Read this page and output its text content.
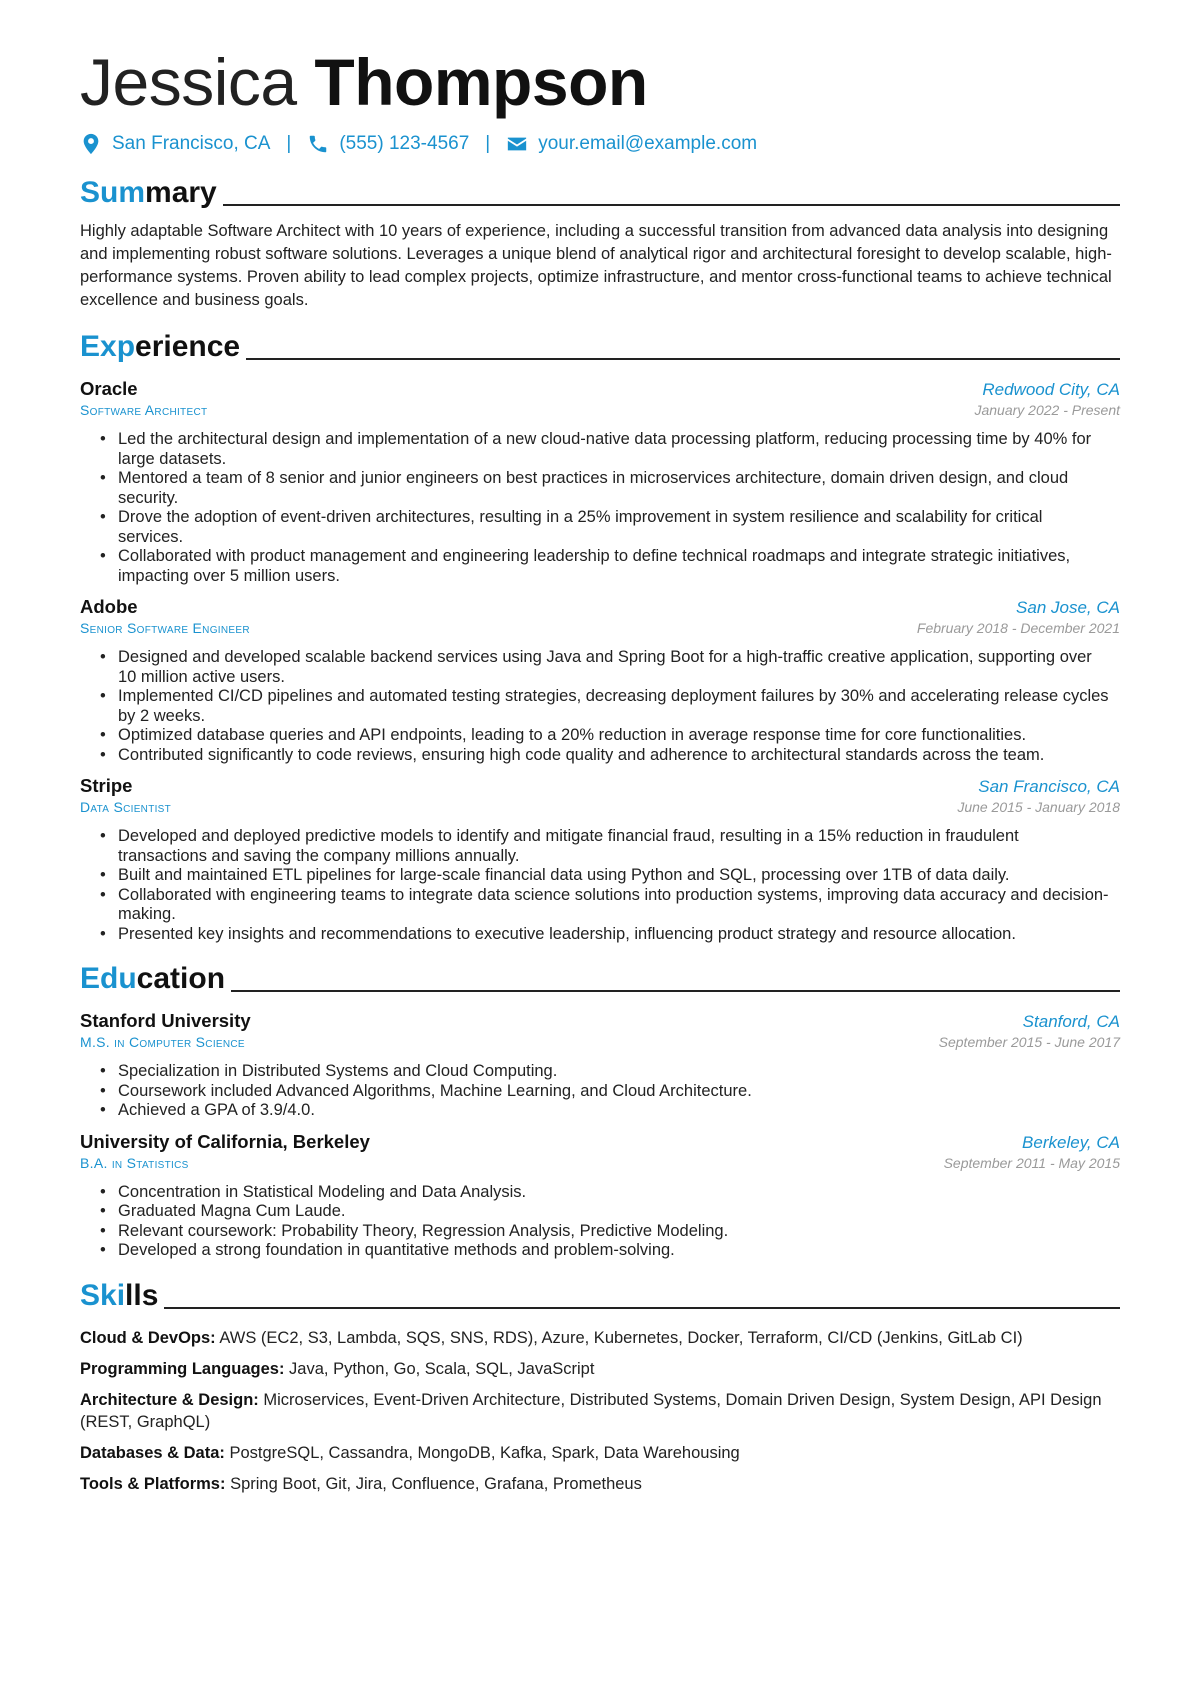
Jessica Thompson
San Francisco, CA |	(555) 123-4567 |	your.email@example.com
Summary
Highly adaptable Software Architect with 10 years of experience, including a successful transition from advanced data analysis into designing and implementing robust software solutions. Leverages a unique blend of analytical rigor and architectural foresight to develop scalable, high-performance systems. Proven ability to lead complex projects, optimize infrastructure, and mentor cross-functional teams to achieve technical excellence and business goals.
Experience
Oracle	Redwood City, CA
Software Architect	January 2022 - Present
• Led the architectural design and implementation of a new cloud-native data processing platform, reducing processing time by 40% for large datasets.
• Mentored a team of 8 senior and junior engineers on best practices in microservices architecture, domain driven design, and cloud security.
• Drove the adoption of event-driven architectures, resulting in a 25% improvement in system resilience and scalability for critical services.
• Collaborated with product management and engineering leadership to define technical roadmaps and integrate strategic initiatives, impacting over 5 million users.
Adobe	San Jose, CA
Senior Software Engineer	February 2018 - December 2021
• Designed and developed scalable backend services using Java and Spring Boot for a high-traffic creative application, supporting over 10 million active users.
• Implemented CI/CD pipelines and automated testing strategies, decreasing deployment failures by 30% and accelerating release cycles by 2 weeks.
• Optimized database queries and API endpoints, leading to a 20% reduction in average response time for core functionalities.
• Contributed significantly to code reviews, ensuring high code quality and adherence to architectural standards across the team.
Stripe	San Francisco, CA
Data Scientist	June 2015 - January 2018
• Developed and deployed predictive models to identify and mitigate financial fraud, resulting in a 15% reduction in fraudulent transactions and saving the company millions annually.
• Built and maintained ETL pipelines for large-scale financial data using Python and SQL, processing over 1TB of data daily.
• Collaborated with engineering teams to integrate data science solutions into production systems, improving data accuracy and decision-making.
• Presented key insights and recommendations to executive leadership, influencing product strategy and resource allocation.
Education
Stanford University	Stanford, CA
M.S. in Computer Science	September 2015 - June 2017
• Specialization in Distributed Systems and Cloud Computing.
• Coursework included Advanced Algorithms, Machine Learning, and Cloud Architecture.
• Achieved a GPA of 3.9/4.0.
University of California, Berkeley	Berkeley, CA
B.A. in Statistics	September 2011 - May 2015
• Concentration in Statistical Modeling and Data Analysis.
• Graduated Magna Cum Laude.
• Relevant coursework: Probability Theory, Regression Analysis, Predictive Modeling.
• Developed a strong foundation in quantitative methods and problem-solving.
Skills
Cloud & DevOps: AWS (EC2, S3, Lambda, SQS, SNS, RDS), Azure, Kubernetes, Docker, Terraform, CI/CD (Jenkins, GitLab CI)
Programming Languages: Java, Python, Go, Scala, SQL, JavaScript
Architecture & Design: Microservices, Event-Driven Architecture, Distributed Systems, Domain Driven Design, System Design, API Design (REST, GraphQL)
Databases & Data: PostgreSQL, Cassandra, MongoDB, Kafka, Spark, Data Warehousing
Tools & Platforms: Spring Boot, Git, Jira, Confluence, Grafana, Prometheus
